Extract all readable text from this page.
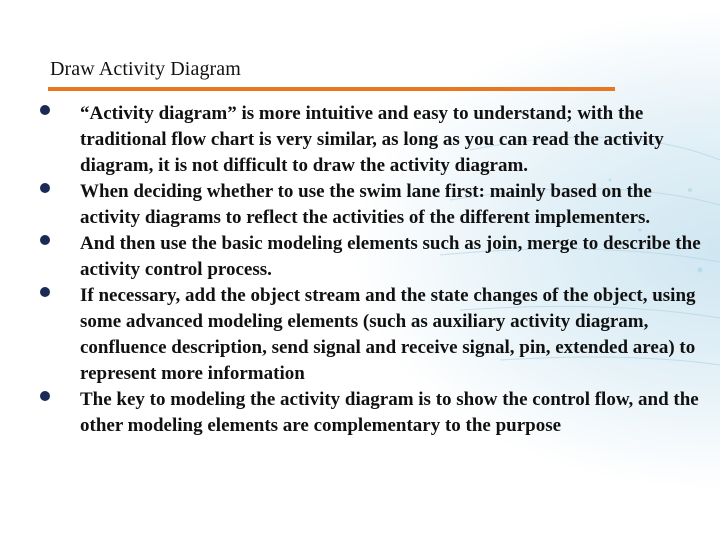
Draw Activity Diagram
“Activity diagram” is more intuitive and easy to understand; with the traditional flow chart is very similar, as long as you can read the activity diagram, it is not difficult to draw the activity diagram.
When deciding whether to use the swim lane first: mainly based on the activity diagrams to reflect the activities of the different implementers.
And then use the basic modeling elements such as join, merge to describe the activity control process.
If necessary, add the object stream and the state changes of the object, using some advanced modeling elements (such as auxiliary activity diagram, confluence description, send signal and receive signal, pin, extended area) to represent more information
The key to modeling the activity diagram is to show the control flow, and the other modeling elements are complementary to the purpose
